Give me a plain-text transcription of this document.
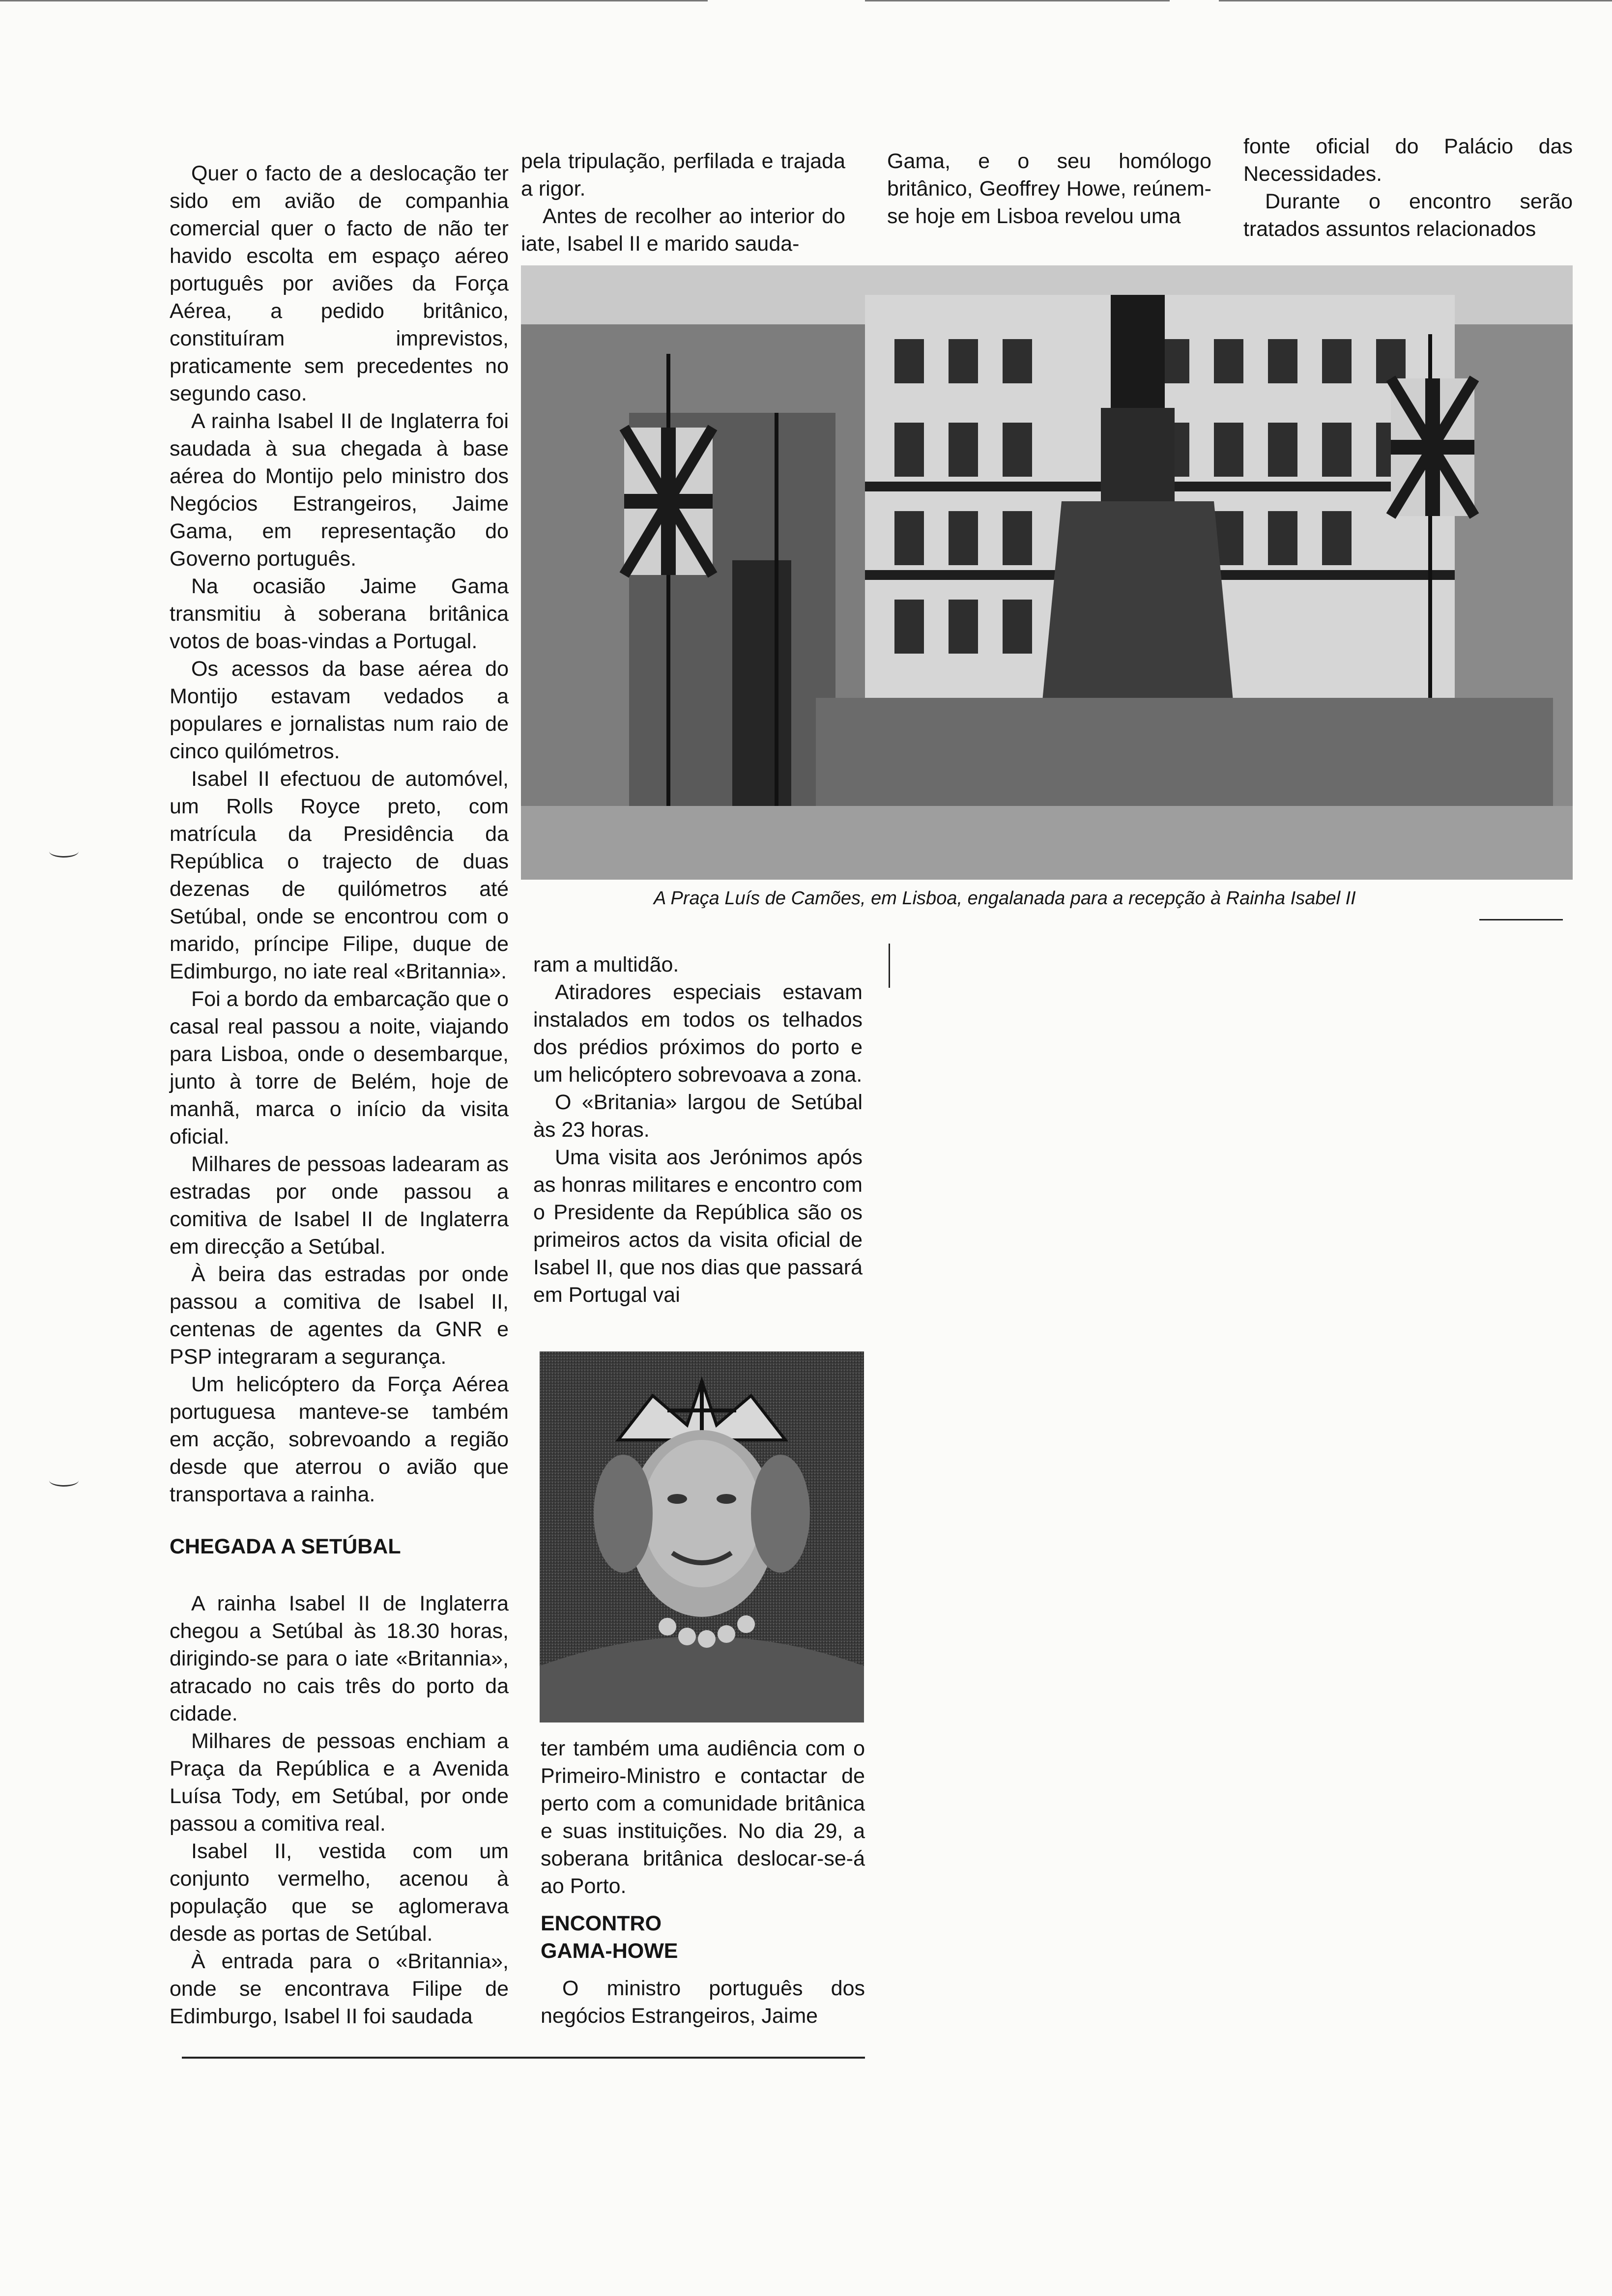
Quer o facto de a deslocação ter sido em avião de companhia comercial quer o facto de não ter havido escolta em espaço aéreo português por aviões da Força Aérea, a pedido britânico, constituíram imprevistos, praticamente sem precedentes no segundo caso.

A rainha Isabel II de Inglaterra foi saudada à sua chegada à base aérea do Montijo pelo ministro dos Negócios Estrangeiros, Jaime Gama, em representação do Governo português.

Na ocasião Jaime Gama transmitiu à soberana britânica votos de boas-vindas a Portugal.

Os acessos da base aérea do Montijo estavam vedados a populares e jornalistas num raio de cinco quilómetros.

Isabel II efectuou de automóvel, um Rolls Royce preto, com matrícula da Presidência da República o trajecto de duas dezenas de quilómetros até Setúbal, onde se encontrou com o marido, príncipe Filipe, duque de Edimburgo, no iate real «Britannia».

Foi a bordo da embarcação que o casal real passou a noite, viajando para Lisboa, onde o desembarque, junto à torre de Belém, hoje de manhã, marca o início da visita oficial.

Milhares de pessoas ladearam as estradas por onde passou a comitiva de Isabel II de Inglaterra em direcção a Setúbal.

À beira das estradas por onde passou a comitiva de Isabel II, centenas de agentes da GNR e PSP integraram a segurança.

Um helicóptero da Força Aérea portuguesa manteve-se também em acção, sobrevoando a região desde que aterrou o avião que transportava a rainha.

CHEGADA A SETÚBAL

A rainha Isabel II de Inglaterra chegou a Setúbal às 18.30 horas, dirigindo-se para o iate «Britannia», atracado no cais três do porto da cidade.

Milhares de pessoas enchiam a Praça da República e a Avenida Luísa Tody, em Setúbal, por onde passou a comitiva real.

Isabel II, vestida com um conjunto vermelho, acenou à população que se aglomerava desde as portas de Setúbal.

À entrada para o «Britannia», onde se encontrava Filipe de Edimburgo, Isabel II foi saudada

pela tripulação, perfilada e trajada a rigor.

Antes de recolher ao interior do iate, Isabel II e marido sauda-

Gama, e o seu homólogo britânico, Geoffrey Howe, reúnem-se hoje em Lisboa revelou uma

fonte oficial do Palácio das Necessidades.

Durante o encontro serão tratados assuntos relacionados

A Praça Luís de Camões, em Lisboa, engalanada para a recepção à Rainha Isabel II

ram a multidão.

Atiradores especiais estavam instalados em todos os telhados dos prédios próximos do porto e um helicóptero sobrevoava a zona.

O «Britania» largou de Setúbal às 23 horas.

Uma visita aos Jerónimos após as honras militares e encontro com o Presidente da República são os primeiros actos da visita oficial de Isabel II, que nos dias que passará em Portugal vai

ter também uma audiência com o Primeiro-Ministro e contactar de perto com a comunidade britânica e suas instituições. No dia 29, a soberana britânica deslocar-se-á ao Porto.

ENCONTRO
GAMA-HOWE

O ministro português dos negócios Estrangeiros, Jaime
